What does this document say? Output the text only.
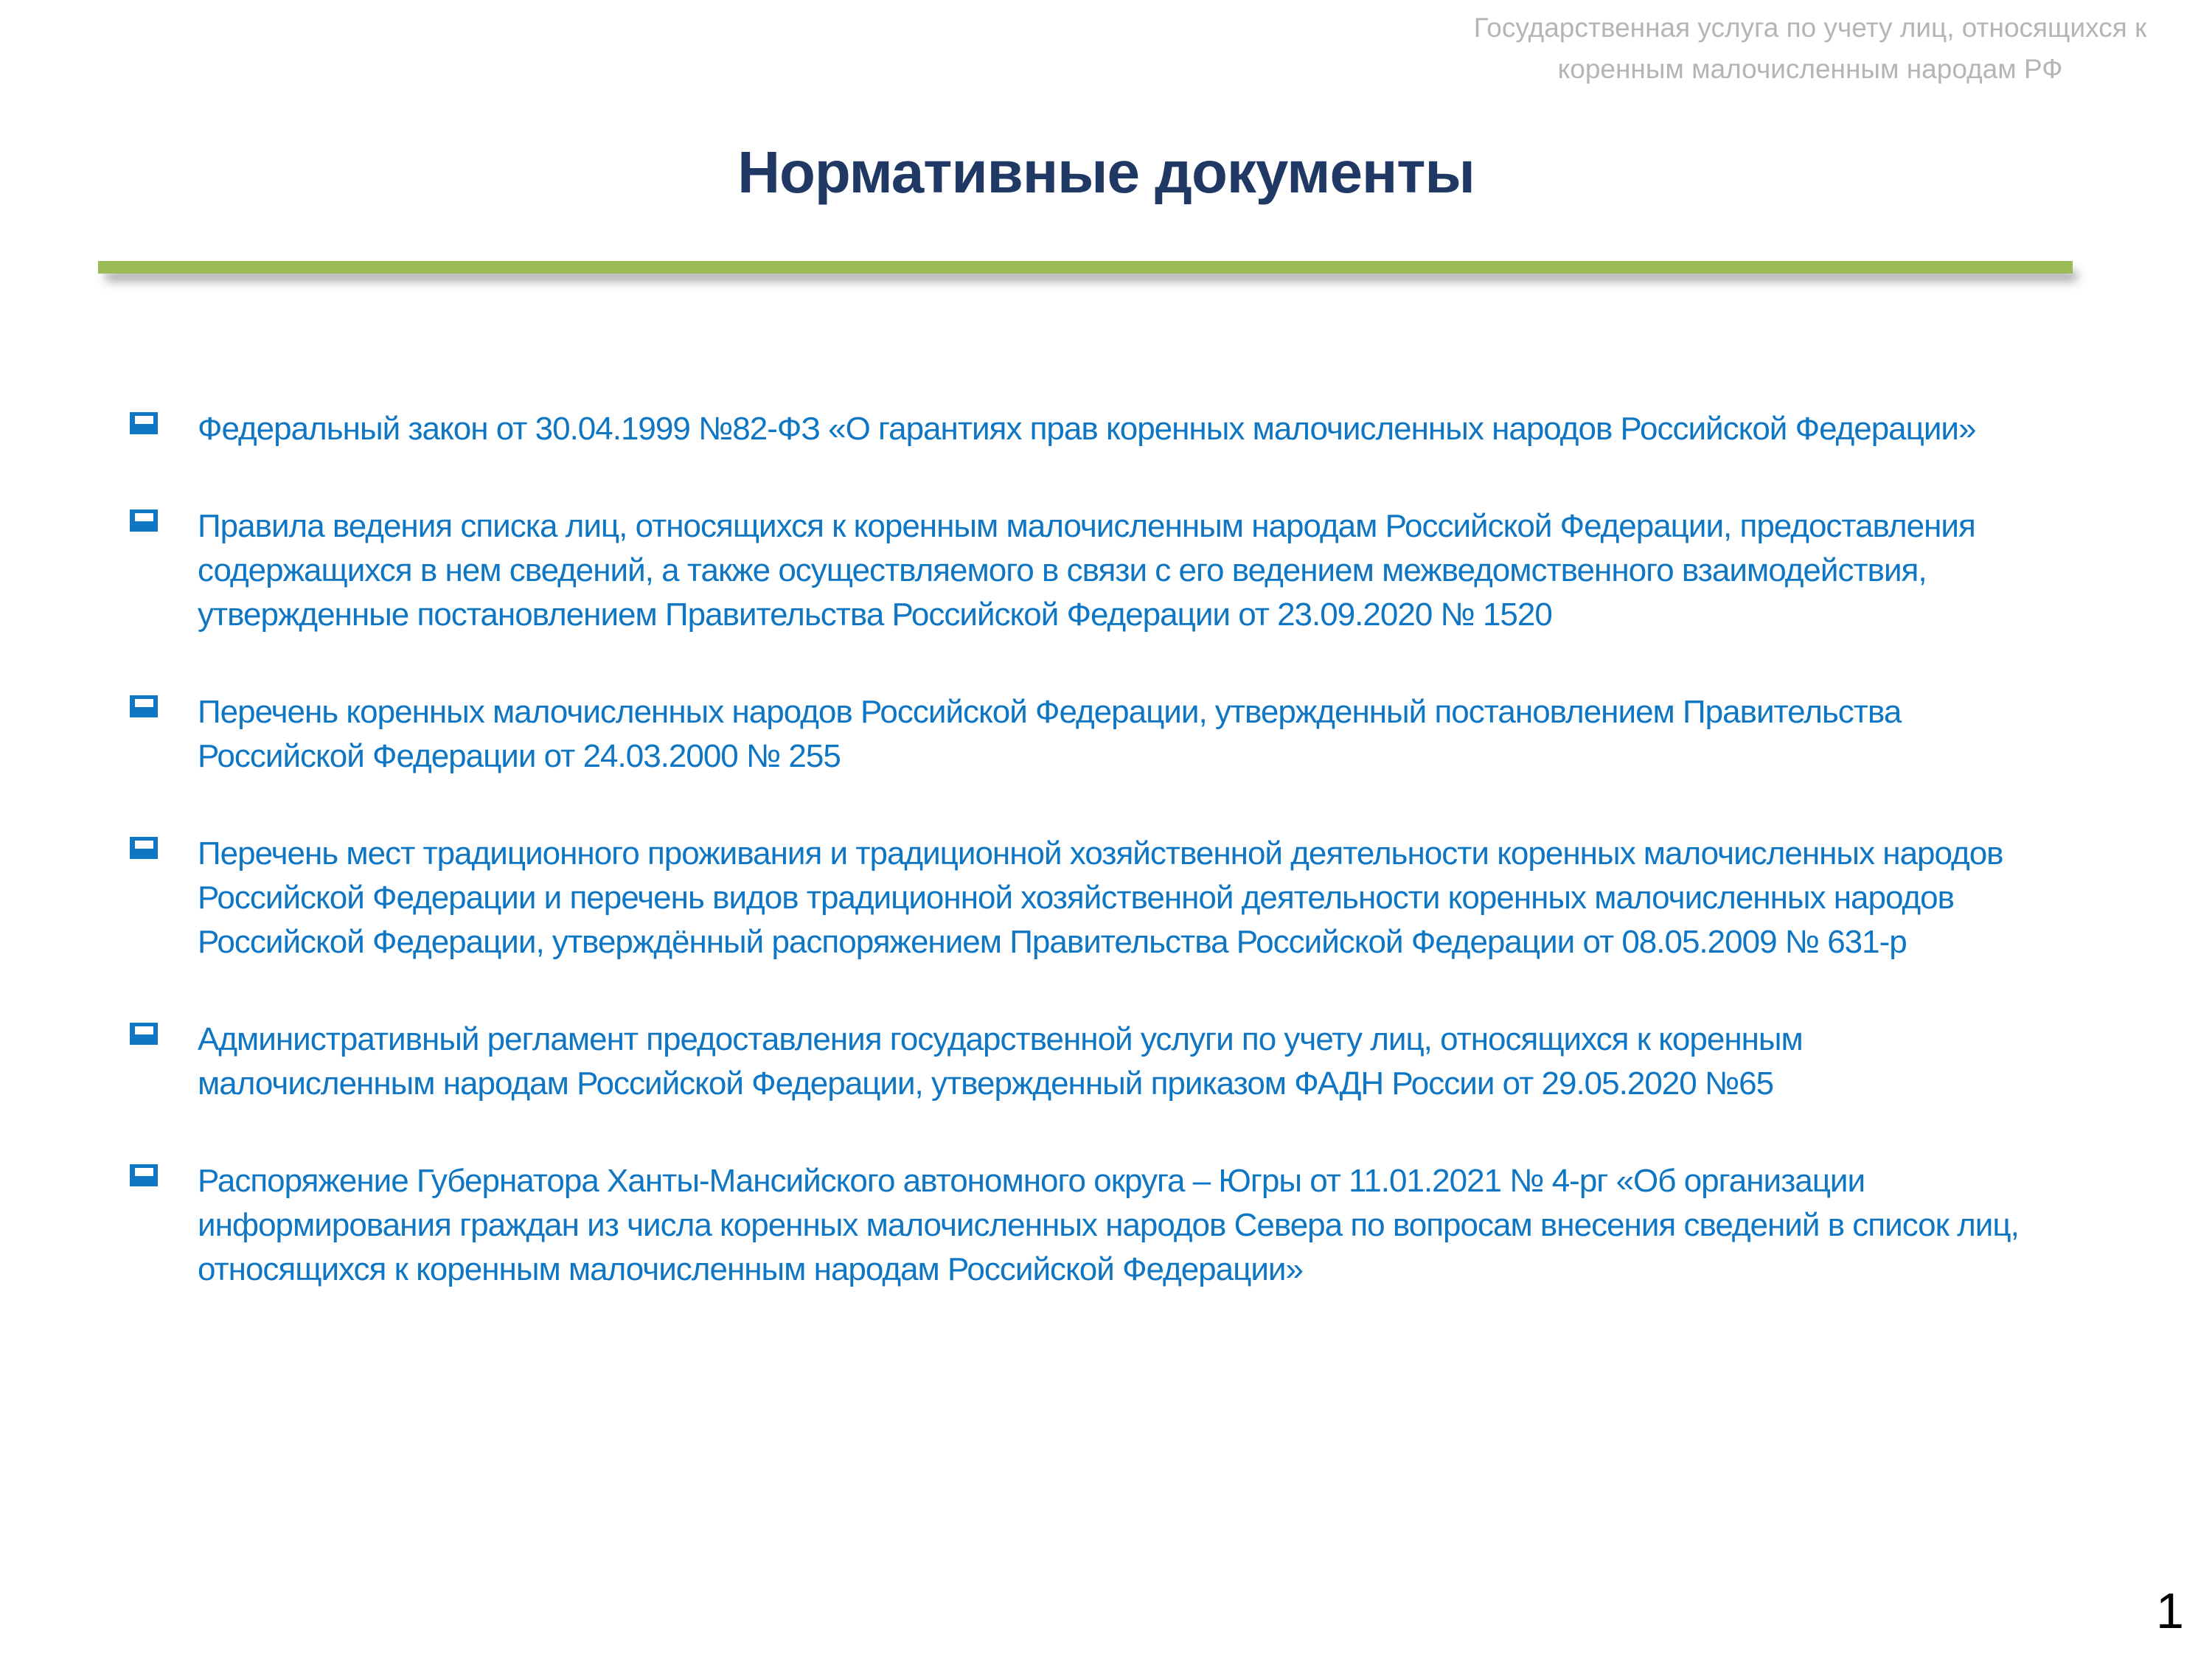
Государственная услуга по учету лиц, относящихся к
коренным малочисленным народам РФ
Нормативные документы
Федеральный закон от 30.04.1999 №82-ФЗ «О гарантиях прав коренных малочисленных народов Российской Федерации»
Правила ведения списка лиц, относящихся к коренным малочисленным народам Российской Федерации, предоставления содержащихся в нем сведений, а также осуществляемого в связи с его ведением межведомственного взаимодействия, утвержденные постановлением Правительства Российской Федерации от 23.09.2020 № 1520
Перечень коренных малочисленных народов Российской Федерации, утвержденный постановлением Правительства Российской Федерации от 24.03.2000 № 255
Перечень мест традиционного проживания и традиционной хозяйственной деятельности коренных малочисленных народов Российской Федерации и перечень видов традиционной хозяйственной деятельности коренных малочисленных народов Российской Федерации, утверждённый распоряжением Правительства Российской Федерации от 08.05.2009 № 631-р
Административный регламент предоставления государственной услуги по учету лиц, относящихся к коренным малочисленным народам Российской Федерации, утвержденный приказом ФАДН России от 29.05.2020 №65
Распоряжение Губернатора Ханты-Мансийского автономного округа – Югры от 11.01.2021 № 4-рг «Об организации информирования граждан из числа коренных малочисленных народов Севера по вопросам внесения сведений в список лиц, относящихся к коренным малочисленным народам Российской Федерации»
1
